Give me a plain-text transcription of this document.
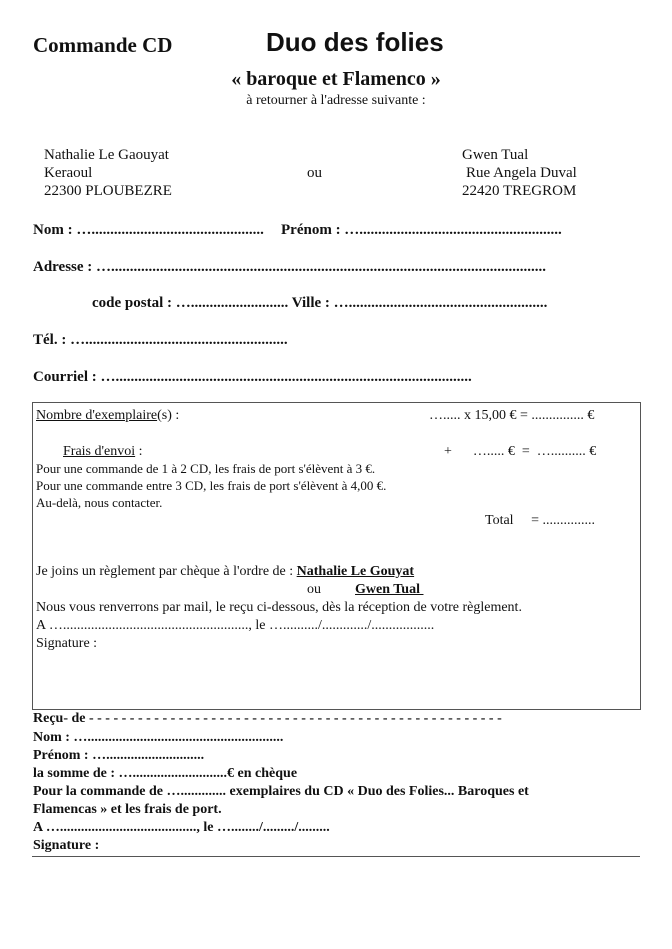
Commande CD	Duo des folies
« baroque et Flamenco »
à retourner à l'adresse suivante :
Nathalie Le Gaouyat
Keraoul
22300 PLOUBEZRE
ou
Gwen Tual
Rue Angela Duval
22420 TREGROM
Nom : ….............................................. Prénom : …......................................................
Adresse : …....................................................................................................................
code postal : ….......................... Ville : ….....................................................
Tél. : …......................................................
Courriel : …...............................................................................................
Nombre d'exemplaire(s) :	…..... x 15,00 € = ............... €
Frais d'envoi :	+      …..... €  =  ….......... €
Pour une commande de 1 à 2 CD, les frais de port s'élèvent à 3 €.
Pour une commande entre 3 CD, les frais de port s'élèvent à 4,00 €.
Au-delà, nous contacter.
Total     = ...............
Je joins un règlement par chèque à l'ordre de : Nathalie Le Gouyat
ou Gwen Tual
Nous vous renverrons par mail, le reçu ci-dessous, dès la réception de votre règlement.
A …....................................................., le …........../............./..................
Signature :
Reçu- de - - - - - - - - - - - - - - - - - - - - - - - - - - - - - - - - - - - - - - - - - - - - - - - - - - -
Nom : …........................................................
Prénom : …............................
la somme de : …...........................€ en chèque
Pour la commande de …............. exemplaires du CD « Duo des Folies... Baroques et
Flamencas » et les frais de port.
A …......................................., le …......../........./.........
Signature :
